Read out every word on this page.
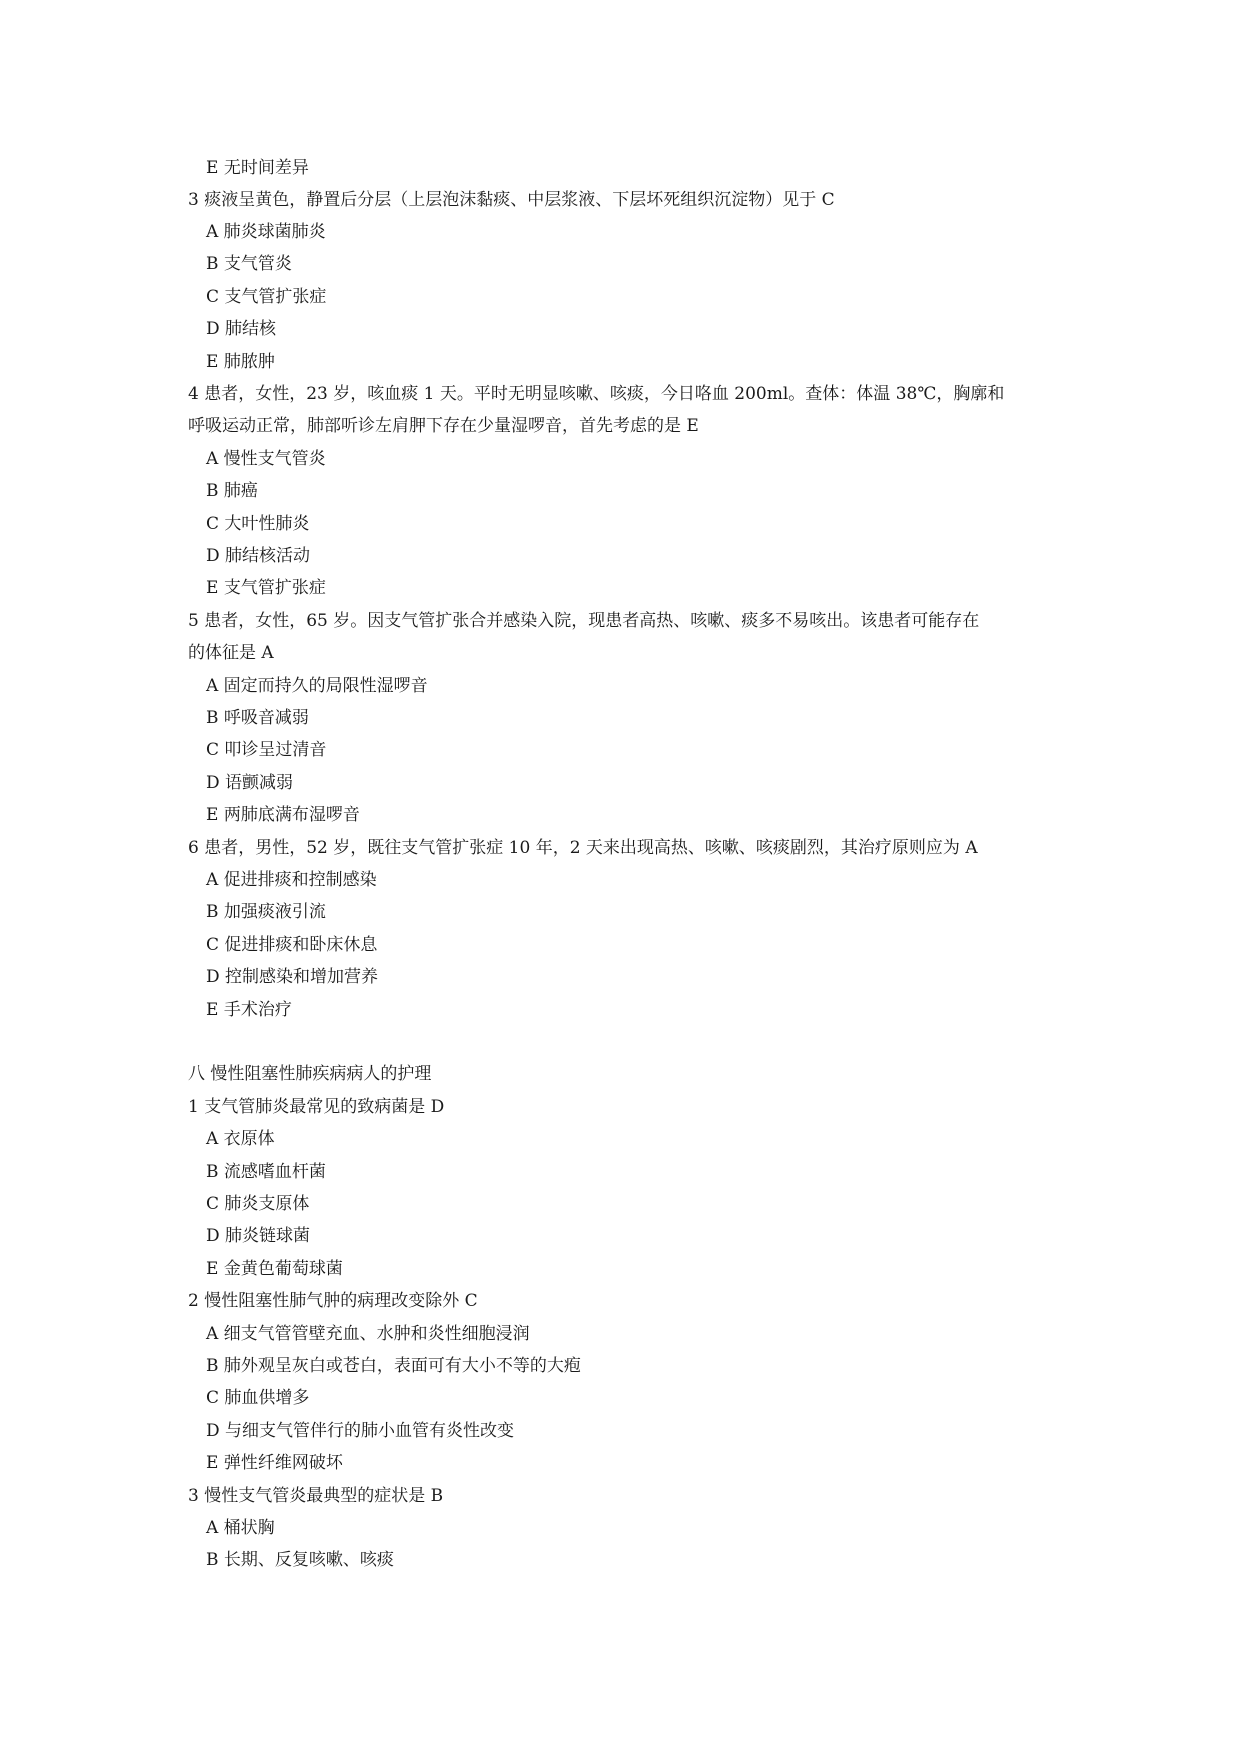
E 无时间差异
3 痰液呈黄色，静置后分层（上层泡沫黏痰、中层浆液、下层坏死组织沉淀物）见于 C
A 肺炎球菌肺炎
B 支气管炎
C 支气管扩张症
D 肺结核
E 肺脓肿
4 患者，女性，23 岁，咳血痰 1 天。平时无明显咳嗽、咳痰，今日咯血 200ml。查体：体温 38℃，胸廓和
呼吸运动正常，肺部听诊左肩胛下存在少量湿啰音，首先考虑的是 E
A 慢性支气管炎
B 肺癌
C 大叶性肺炎
D 肺结核活动
E 支气管扩张症
5 患者，女性，65 岁。因支气管扩张合并感染入院，现患者高热、咳嗽、痰多不易咳出。该患者可能存在
的体征是 A
A 固定而持久的局限性湿啰音
B 呼吸音减弱
C 叩诊呈过清音
D 语颤减弱
E 两肺底满布湿啰音
6 患者，男性，52 岁，既往支气管扩张症 10 年，2 天来出现高热、咳嗽、咳痰剧烈，其治疗原则应为 A
A 促进排痰和控制感染
B 加强痰液引流
C 促进排痰和卧床休息
D 控制感染和增加营养
E 手术治疗
八 慢性阻塞性肺疾病病人的护理
1 支气管肺炎最常见的致病菌是 D
A 衣原体
B 流感嗜血杆菌
C 肺炎支原体
D 肺炎链球菌
E 金黄色葡萄球菌
2 慢性阻塞性肺气肿的病理改变除外 C
A 细支气管管壁充血、水肿和炎性细胞浸润
B 肺外观呈灰白或苍白，表面可有大小不等的大疱
C 肺血供增多
D 与细支气管伴行的肺小血管有炎性改变
E 弹性纤维网破坏
3 慢性支气管炎最典型的症状是 B
A 桶状胸
B 长期、反复咳嗽、咳痰
